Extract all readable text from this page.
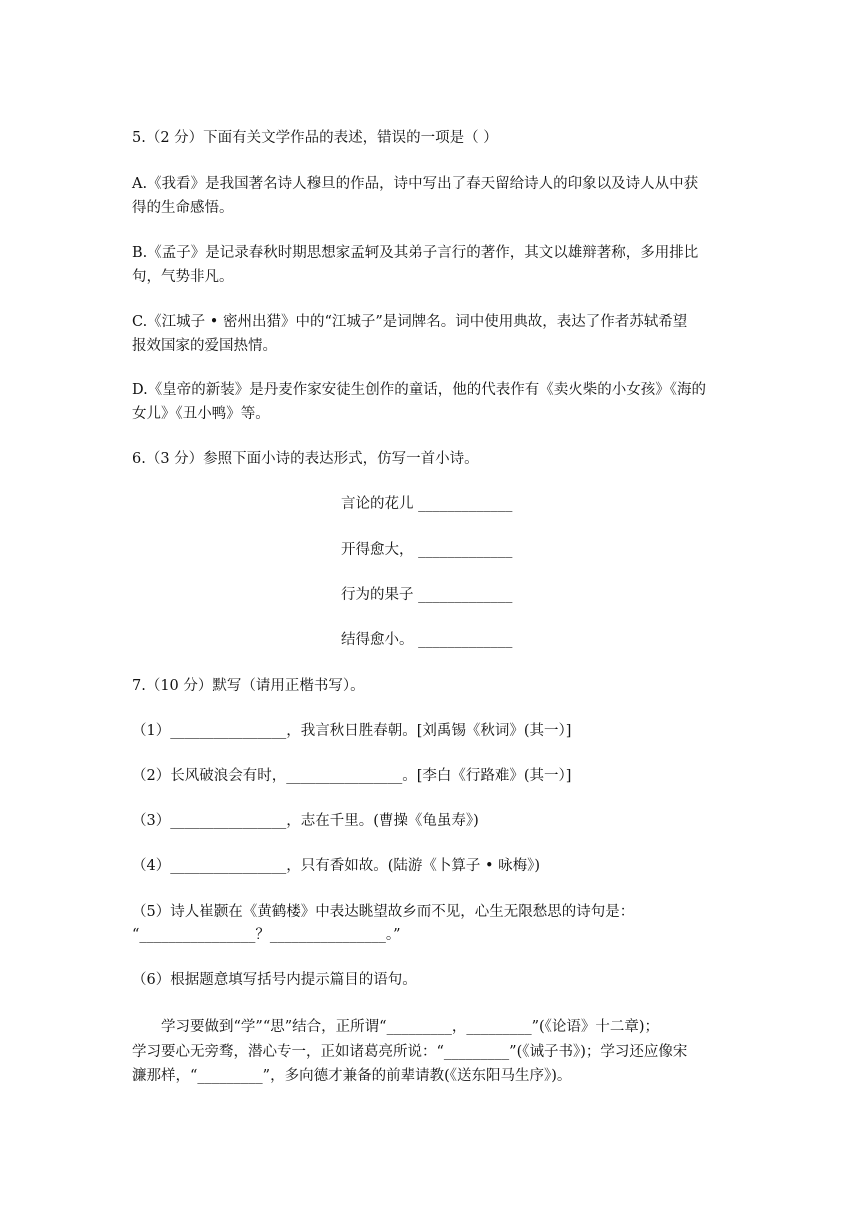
5.（2 分）下面有关文学作品的表述，错误的一项是（ ）
A.《我看》是我国著名诗人穆旦的作品，诗中写出了春天留给诗人的印象以及诗人从中获
得的生命感悟。
B.《孟子》是记录春秋时期思想家孟轲及其弟子言行的著作，其文以雄辩著称，多用排比
句，气势非凡。
C.《江城子 • 密州出猎》中的“江城子”是词牌名。词中使用典故，表达了作者苏轼希望
报效国家的爱国热情。
D.《皇帝的新装》是丹麦作家安徒生创作的童话，他的代表作有《卖火柴的小女孩》《海的
女儿》《丑小鸭》等。
6.（3 分）参照下面小诗的表达形式，仿写一首小诗。
言论的花儿 _____________
开得愈大， _____________
行为的果子 _____________
结得愈小。 _____________
7.（10 分）默写（请用正楷书写）。
（1）________________，我言秋日胜春朝。[刘禹锡《秋词》(其一）]
（2）长风破浪会有时，________________。[李白《行路难》(其一）]
（3）________________，志在千里。(曹操《龟虽寿》)
（4）________________，只有香如故。(陆游《卜算子 • 咏梅》)
（5）诗人崔颢在《黄鹤楼》中表达眺望故乡而不见，心生无限愁思的诗句是：
“________________？________________。”
（6）根据题意填写括号内提示篇目的语句。
学习要做到“学”“思”结合，正所谓“_________，_________”(《论语》十二章)；
学习要心无旁骛，潜心专一，正如诸葛亮所说：“_________”(《诫子书》)；学习还应像宋
濂那样，“_________”，多向德才兼备的前辈请教(《送东阳马生序》)。
